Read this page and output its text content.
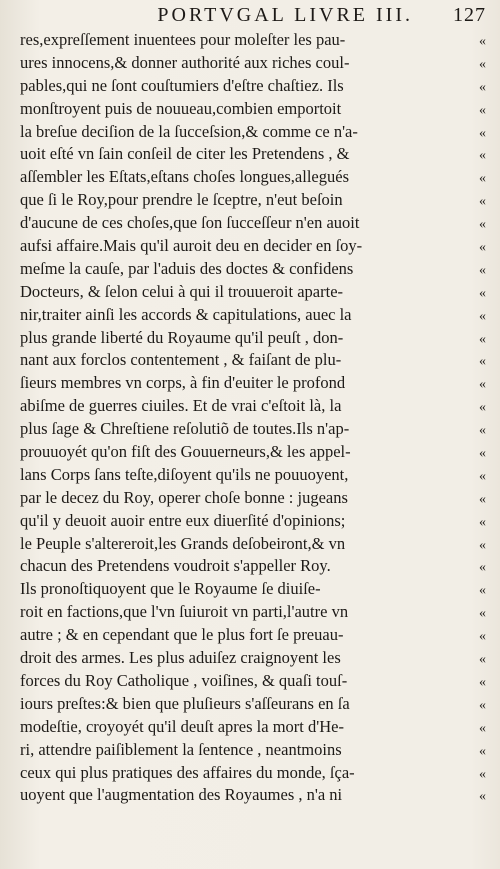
PORTVGAL LIVRE III. 127
res,expreſſement inuentees pour moleſter les pau-	«
ures innocens,& donner authorité aux riches coul-	«
pables,qui ne ſont couſtumiers d'eſtre chaſtiez. Ils	«
monſtroyent puis de nouueau,combien emportoit	«
la breſue deciſion de la ſucceſsion,& comme ce n'a-	«
uoit eſté vn ſain conſeil de citer les Pretendens , &	«
aſſembler les Eſtats,eſtans choſes longues,allegués	«
que ſi le Roy,pour prendre le ſceptre, n'eut beſoin	«
d'aucune de ces choſes,que ſon ſucceſſeur n'en auoit	«
aufsi affaire.Mais qu'il auroit deu en decider en ſoy-	«
meſme la cauſe, par l'aduis des doctes & confidens	«
Docteurs, & ſelon celui à qui il trouueroit aparte-	«
nir,traiter ainſi les accords & capitulations, auec la	«
plus grande liberté du Royaume qu'il peuſt , don-	«
nant aux forclos contentement , & faiſant de plu-	«
ſieurs membres vn corps, à fin d'euiter le profond	«
abiſme de guerres ciuiles. Et de vrai c'eſtoit là, la	«
plus ſage & Chreſtiene reſolutiõ de toutes.Ils n'ap-	«
prouuoyét qu'on fiſt des Gouuerneurs,& les appel-	«
lans Corps ſans teſte,diſoyent qu'ils ne pouuoyent,	«
par le decez du Roy, operer choſe bonne : jugeans	«
qu'il y deuoit auoir entre eux diuerſité d'opinions;	«
le Peuple s'altereroit,les Grands deſobeiront,& vn	«
chacun des Pretendens voudroit s'appeller Roy.	«
Ils pronoſtiquoyent que le Royaume ſe diuiſe-	«
roit en factions,que l'vn ſuiuroit vn parti,l'autre vn	«
autre ; & en cependant que le plus fort ſe preuau-	«
droit des armes. Les plus aduiſez craignoyent les	«
forces du Roy Catholique , voiſines, & quaſi touſ-	«
iours preſtes:& bien que pluſieurs s'aſſeurans en ſa	«
modeſtie, croyoyét qu'il deuſt apres la mort d'He-	«
ri, attendre paiſiblement la ſentence , neantmoins	«
ceux qui plus pratiques des affaires du monde, ſça-	«
uoyent que l'augmentation des Royaumes , n'a ni	«
